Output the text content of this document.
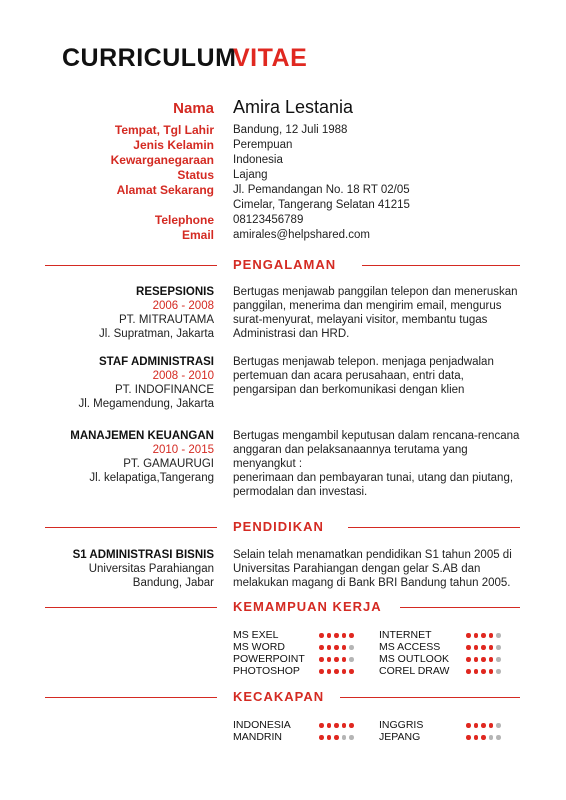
CURRICULUM
VITAE
Nama Amira Lestania
Tempat, Tgl Lahir Bandung, 12 Juli 1988
Jenis Kelamin Perempuan
Kewarganegaraan Indonesia
Status Lajang
Alamat Sekarang Jl. Pemandangan No. 18 RT 02/05
Cimelar, Tangerang Selatan 41215
Telephone 08123456789
Email amirales@helpshared.com
PENGALAMAN
RESEPSIONIS
2006 - 2008
PT. MITRAUTAMA
Jl. Supratman, Jakarta
Bertugas menjawab panggilan telepon dan meneruskan
panggilan, menerima dan mengirim email, mengurus
surat-menyurat, melayani visitor, membantu tugas
Administrasi dan HRD.
STAF ADMINISTRASI
2008 - 2010
PT. INDOFINANCE
Jl. Megamendung, Jakarta
Bertugas menjawab telepon. menjaga penjadwalan
pertemuan dan acara perusahaan, entri data,
pengarsipan dan berkomunikasi dengan klien
MANAJEMEN KEUANGAN
2010 - 2015
PT. GAMAURUGI
Jl. kelapatiga,Tangerang
Bertugas mengambil keputusan dalam rencana-rencana
anggaran dan pelaksanaannya terutama yang
menyangkut :
penerimaan dan pembayaran tunai, utang dan piutang,
permodalan dan investasi.
PENDIDIKAN
S1 ADMINISTRASI BISNIS
Universitas Parahiangan
Bandung, Jabar
Selain telah menamatkan pendidikan S1 tahun 2005 di
Universitas Parahiangan dengan gelar S.AB dan
melakukan magang di Bank BRI Bandung tahun 2005.
KEMAMPUAN KERJA
MS EXEL
MS WORD
POWERPOINT
PHOTOSHOP
INTERNET
MS ACCESS
MS OUTLOOK
COREL DRAW
KECAKAPAN
INDONESIA
MANDRIN
INGGRIS
JEPANG
